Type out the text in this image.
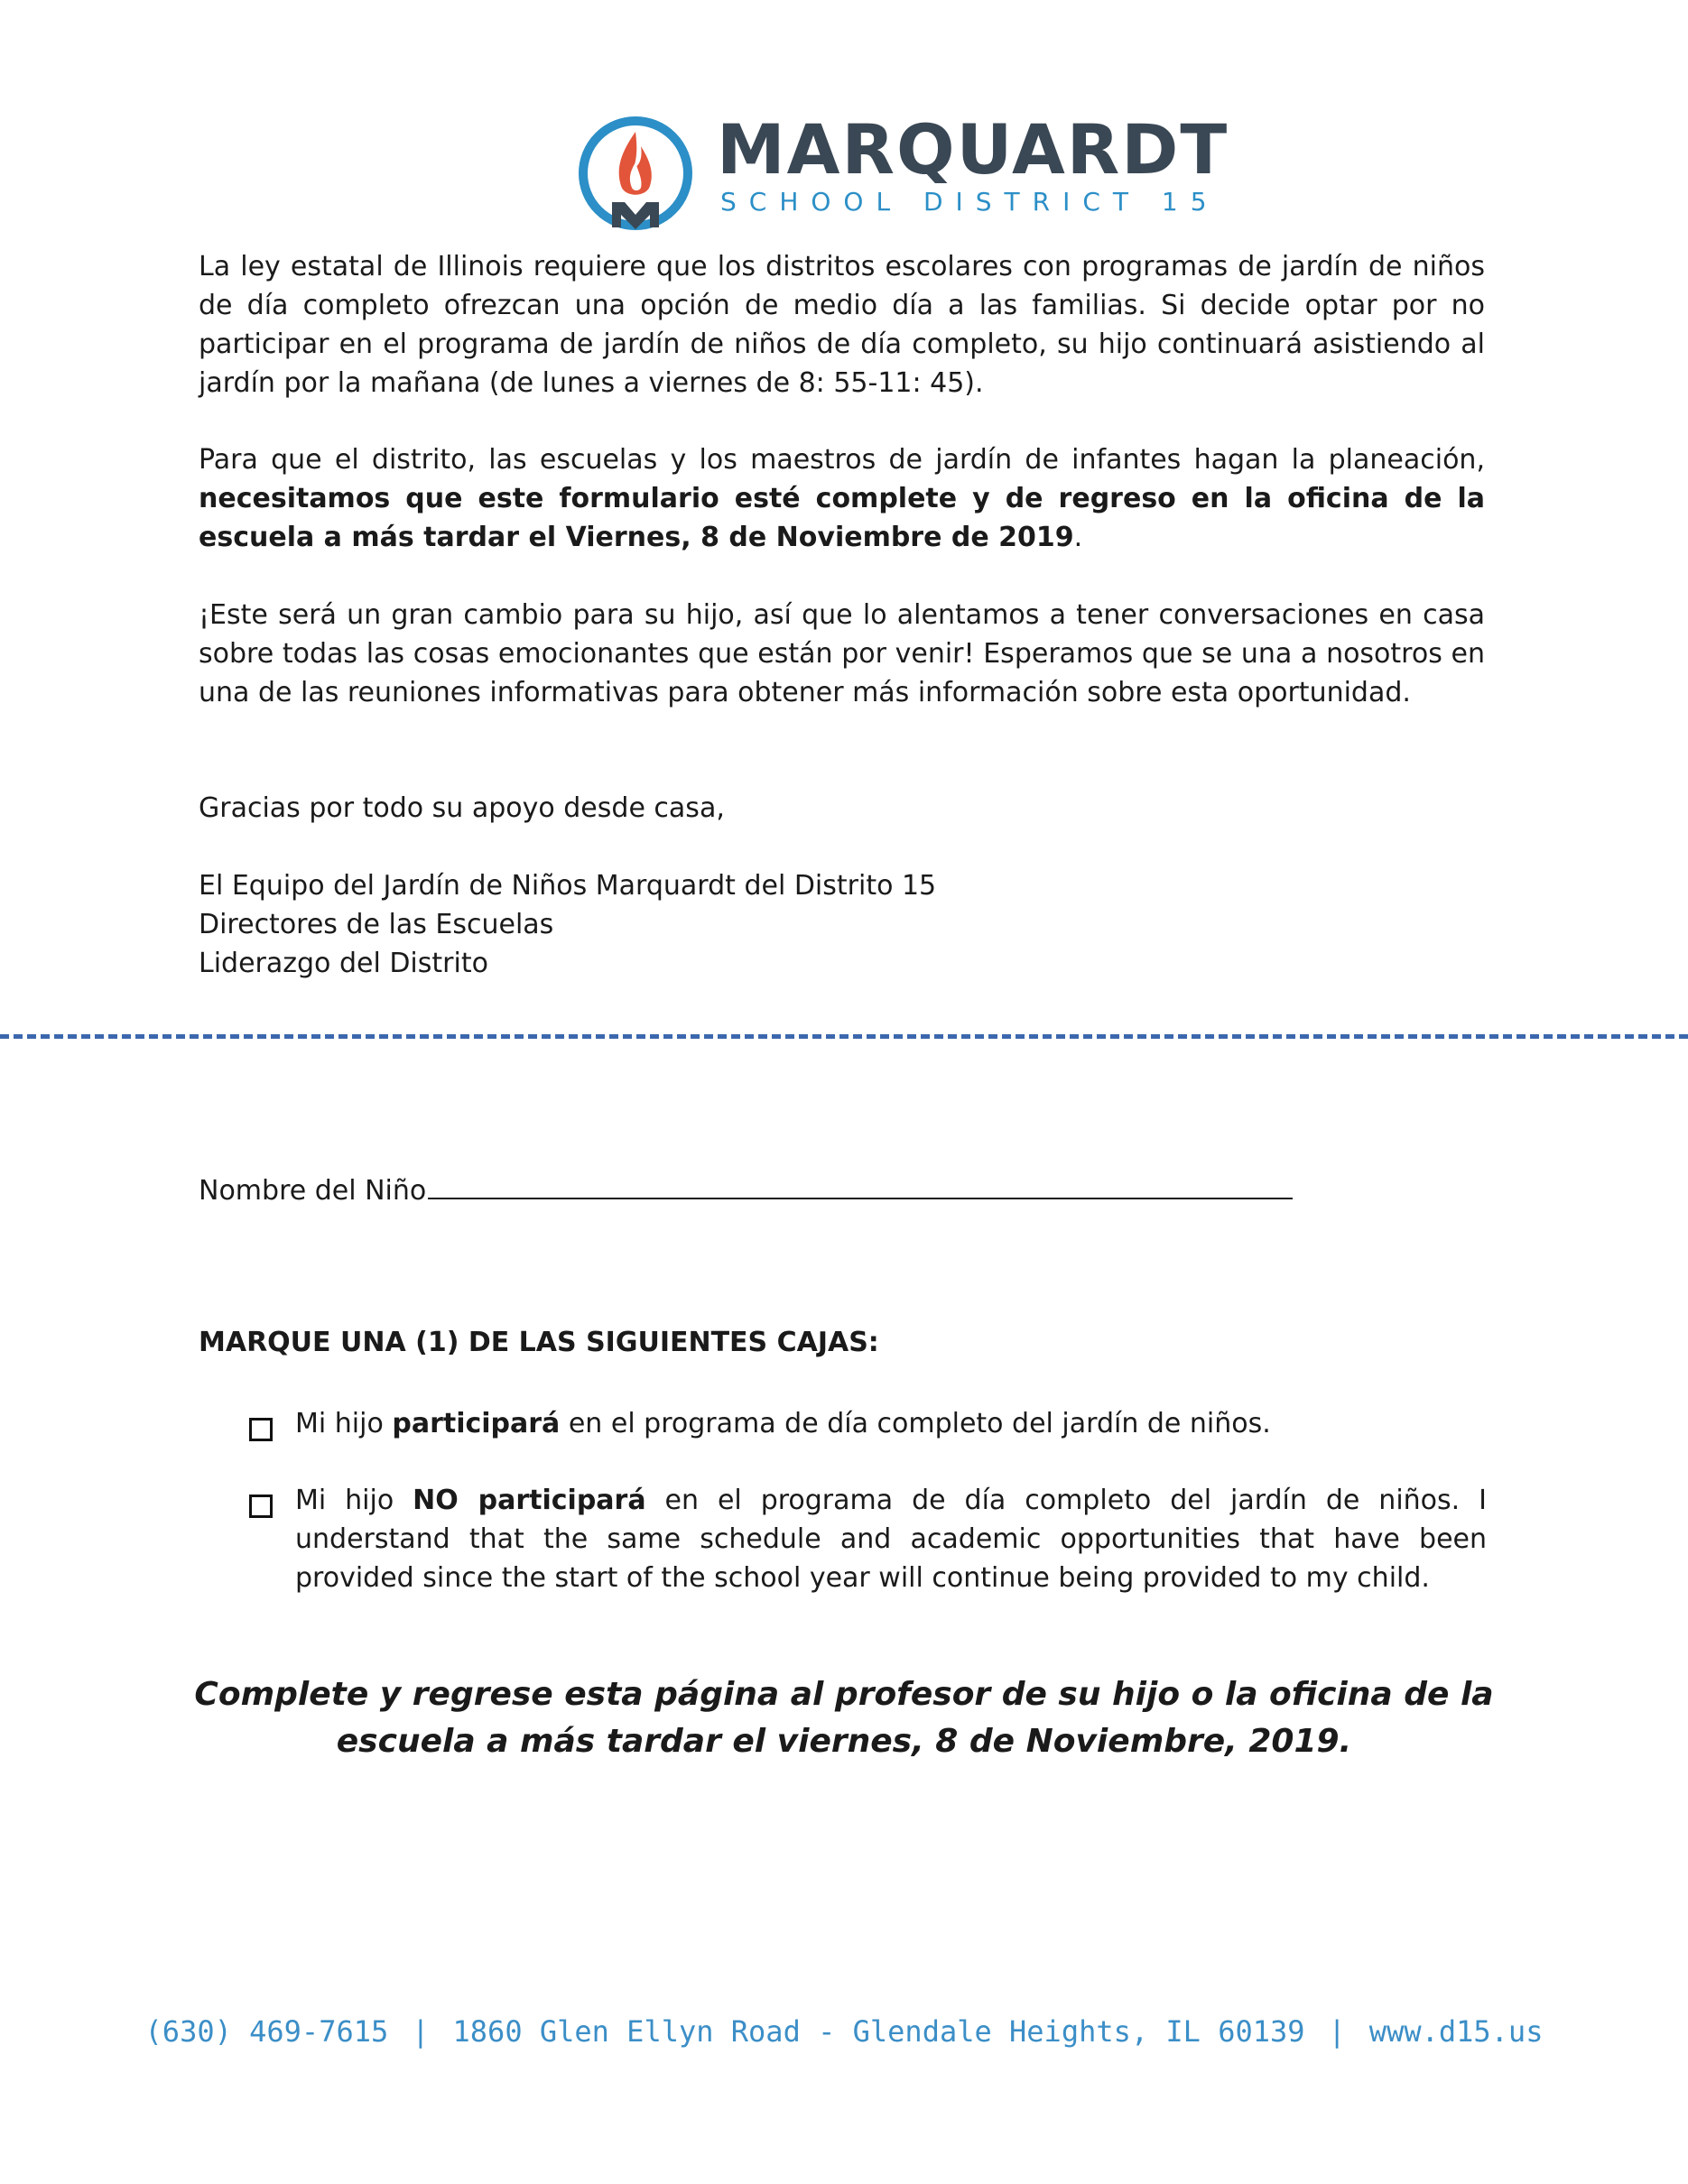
MARQUARDT
SCHOOL DISTRICT 15

La ley estatal de Illinois requiere que los distritos escolares con programas de jardín de niños de día completo ofrezcan una opción de medio día a las familias. Si decide optar por no participar en el programa de jardín de niños de día completo, su hijo continuará asistiendo al jardín por la mañana (de lunes a viernes de 8: 55-11: 45).

Para que el distrito, las escuelas y los maestros de jardín de infantes hagan la planeación, necesitamos que este formulario esté complete y de regreso en la oficina de la escuela a más tardar el Viernes, 8 de Noviembre de 2019.

¡Este será un gran cambio para su hijo, así que lo alentamos a tener conversaciones en casa sobre todas las cosas emocionantes que están por venir! Esperamos que se una a nosotros en una de las reuniones informativas para obtener más información sobre esta oportunidad.

Gracias por todo su apoyo desde casa,
El Equipo del Jardín de Niños Marquardt del Distrito 15
Directores de las Escuelas
Liderazgo del Distrito
Nombre del Niño
MARQUE UNA (1) DE LAS SIGUIENTES CAJAS:
Mi hijo participará en el programa de día completo del jardín de niños.
Mi hijo NO participará en el programa de día completo del jardín de niños. I understand that the same schedule and academic opportunities that have been provided since the start of the school year will continue being provided to my child.
Complete y regrese esta página al profesor de su hijo o la oficina de la escuela a más tardar el viernes, 8 de Noviembre, 2019.
(630) 469-7615 | 1860 Glen Ellyn Road - Glendale Heights, IL 60139 | www.d15.us
